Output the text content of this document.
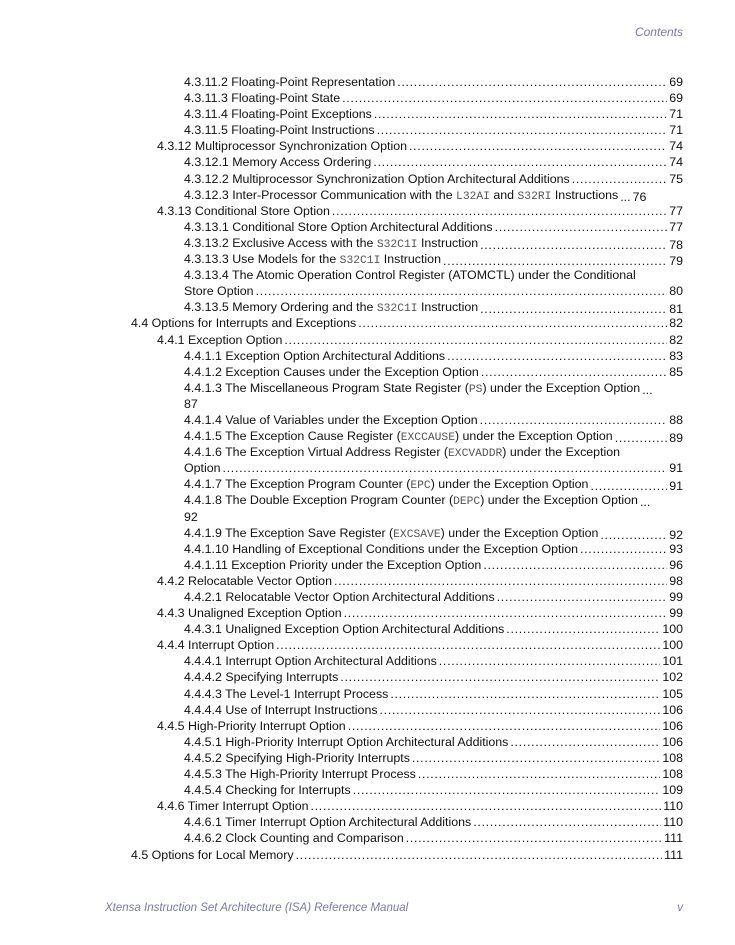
Contents
4.3.11.2 Floating-Point Representation .....	69
4.3.11.3 Floating-Point State .....	69
4.3.11.4 Floating-Point Exceptions .....	71
4.3.11.5 Floating-Point Instructions .....	71
4.3.12 Multiprocessor Synchronization Option .....	74
4.3.12.1 Memory Access Ordering .....	74
4.3.12.2 Multiprocessor Synchronization Option Architectural Additions .....	75
4.3.12.3 Inter-Processor Communication with the L32AI and S32RI Instructions ... 76
4.3.13 Conditional Store Option .....	77
4.3.13.1 Conditional Store Option Architectural Additions .....	77
4.3.13.2 Exclusive Access with the S32C1I Instruction .....	78
4.3.13.3 Use Models for the S32C1I Instruction .....	79
4.3.13.4 The Atomic Operation Control Register (ATOMCTL) under the Conditional
Store Option .....	80
4.3.13.5 Memory Ordering and the S32C1I Instruction .....	81
4.4 Options for Interrupts and Exceptions .....	82
4.4.1 Exception Option .....	82
4.4.1.1 Exception Option Architectural Additions .....	83
4.4.1.2 Exception Causes under the Exception Option .....	85
4.4.1.3 The Miscellaneous Program State Register (PS) under the Exception Option ...
87
4.4.1.4 Value of Variables under the Exception Option .....	88
4.4.1.5 The Exception Cause Register (EXCCAUSE) under the Exception Option .....	89
4.4.1.6 The Exception Virtual Address Register (EXCVADDR) under the Exception
Option .....	91
4.4.1.7 The Exception Program Counter (EPC) under the Exception Option .....	91
4.4.1.8 The Double Exception Program Counter (DEPC) under the Exception Option ...
92
4.4.1.9 The Exception Save Register (EXCSAVE) under the Exception Option .....	92
4.4.1.10 Handling of Exceptional Conditions under the Exception Option .....	93
4.4.1.11 Exception Priority under the Exception Option .....	96
4.4.2 Relocatable Vector Option .....	98
4.4.2.1 Relocatable Vector Option Architectural Additions .....	99
4.4.3 Unaligned Exception Option .....	99
4.4.3.1 Unaligned Exception Option Architectural Additions .....	100
4.4.4 Interrupt Option .....	100
4.4.4.1 Interrupt Option Architectural Additions .....	101
4.4.4.2 Specifying Interrupts .....	102
4.4.4.3 The Level-1 Interrupt Process .....	105
4.4.4.4 Use of Interrupt Instructions .....	106
4.4.5 High-Priority Interrupt Option .....	106
4.4.5.1 High-Priority Interrupt Option Architectural Additions .....	106
4.4.5.2 Specifying High-Priority Interrupts .....	108
4.4.5.3 The High-Priority Interrupt Process .....	108
4.4.5.4 Checking for Interrupts .....	109
4.4.6 Timer Interrupt Option .....	110
4.4.6.1 Timer Interrupt Option Architectural Additions .....	110
4.4.6.2 Clock Counting and Comparison .....	111
4.5 Options for Local Memory .....	111
Xtensa Instruction Set Architecture (ISA) Reference Manual	v
